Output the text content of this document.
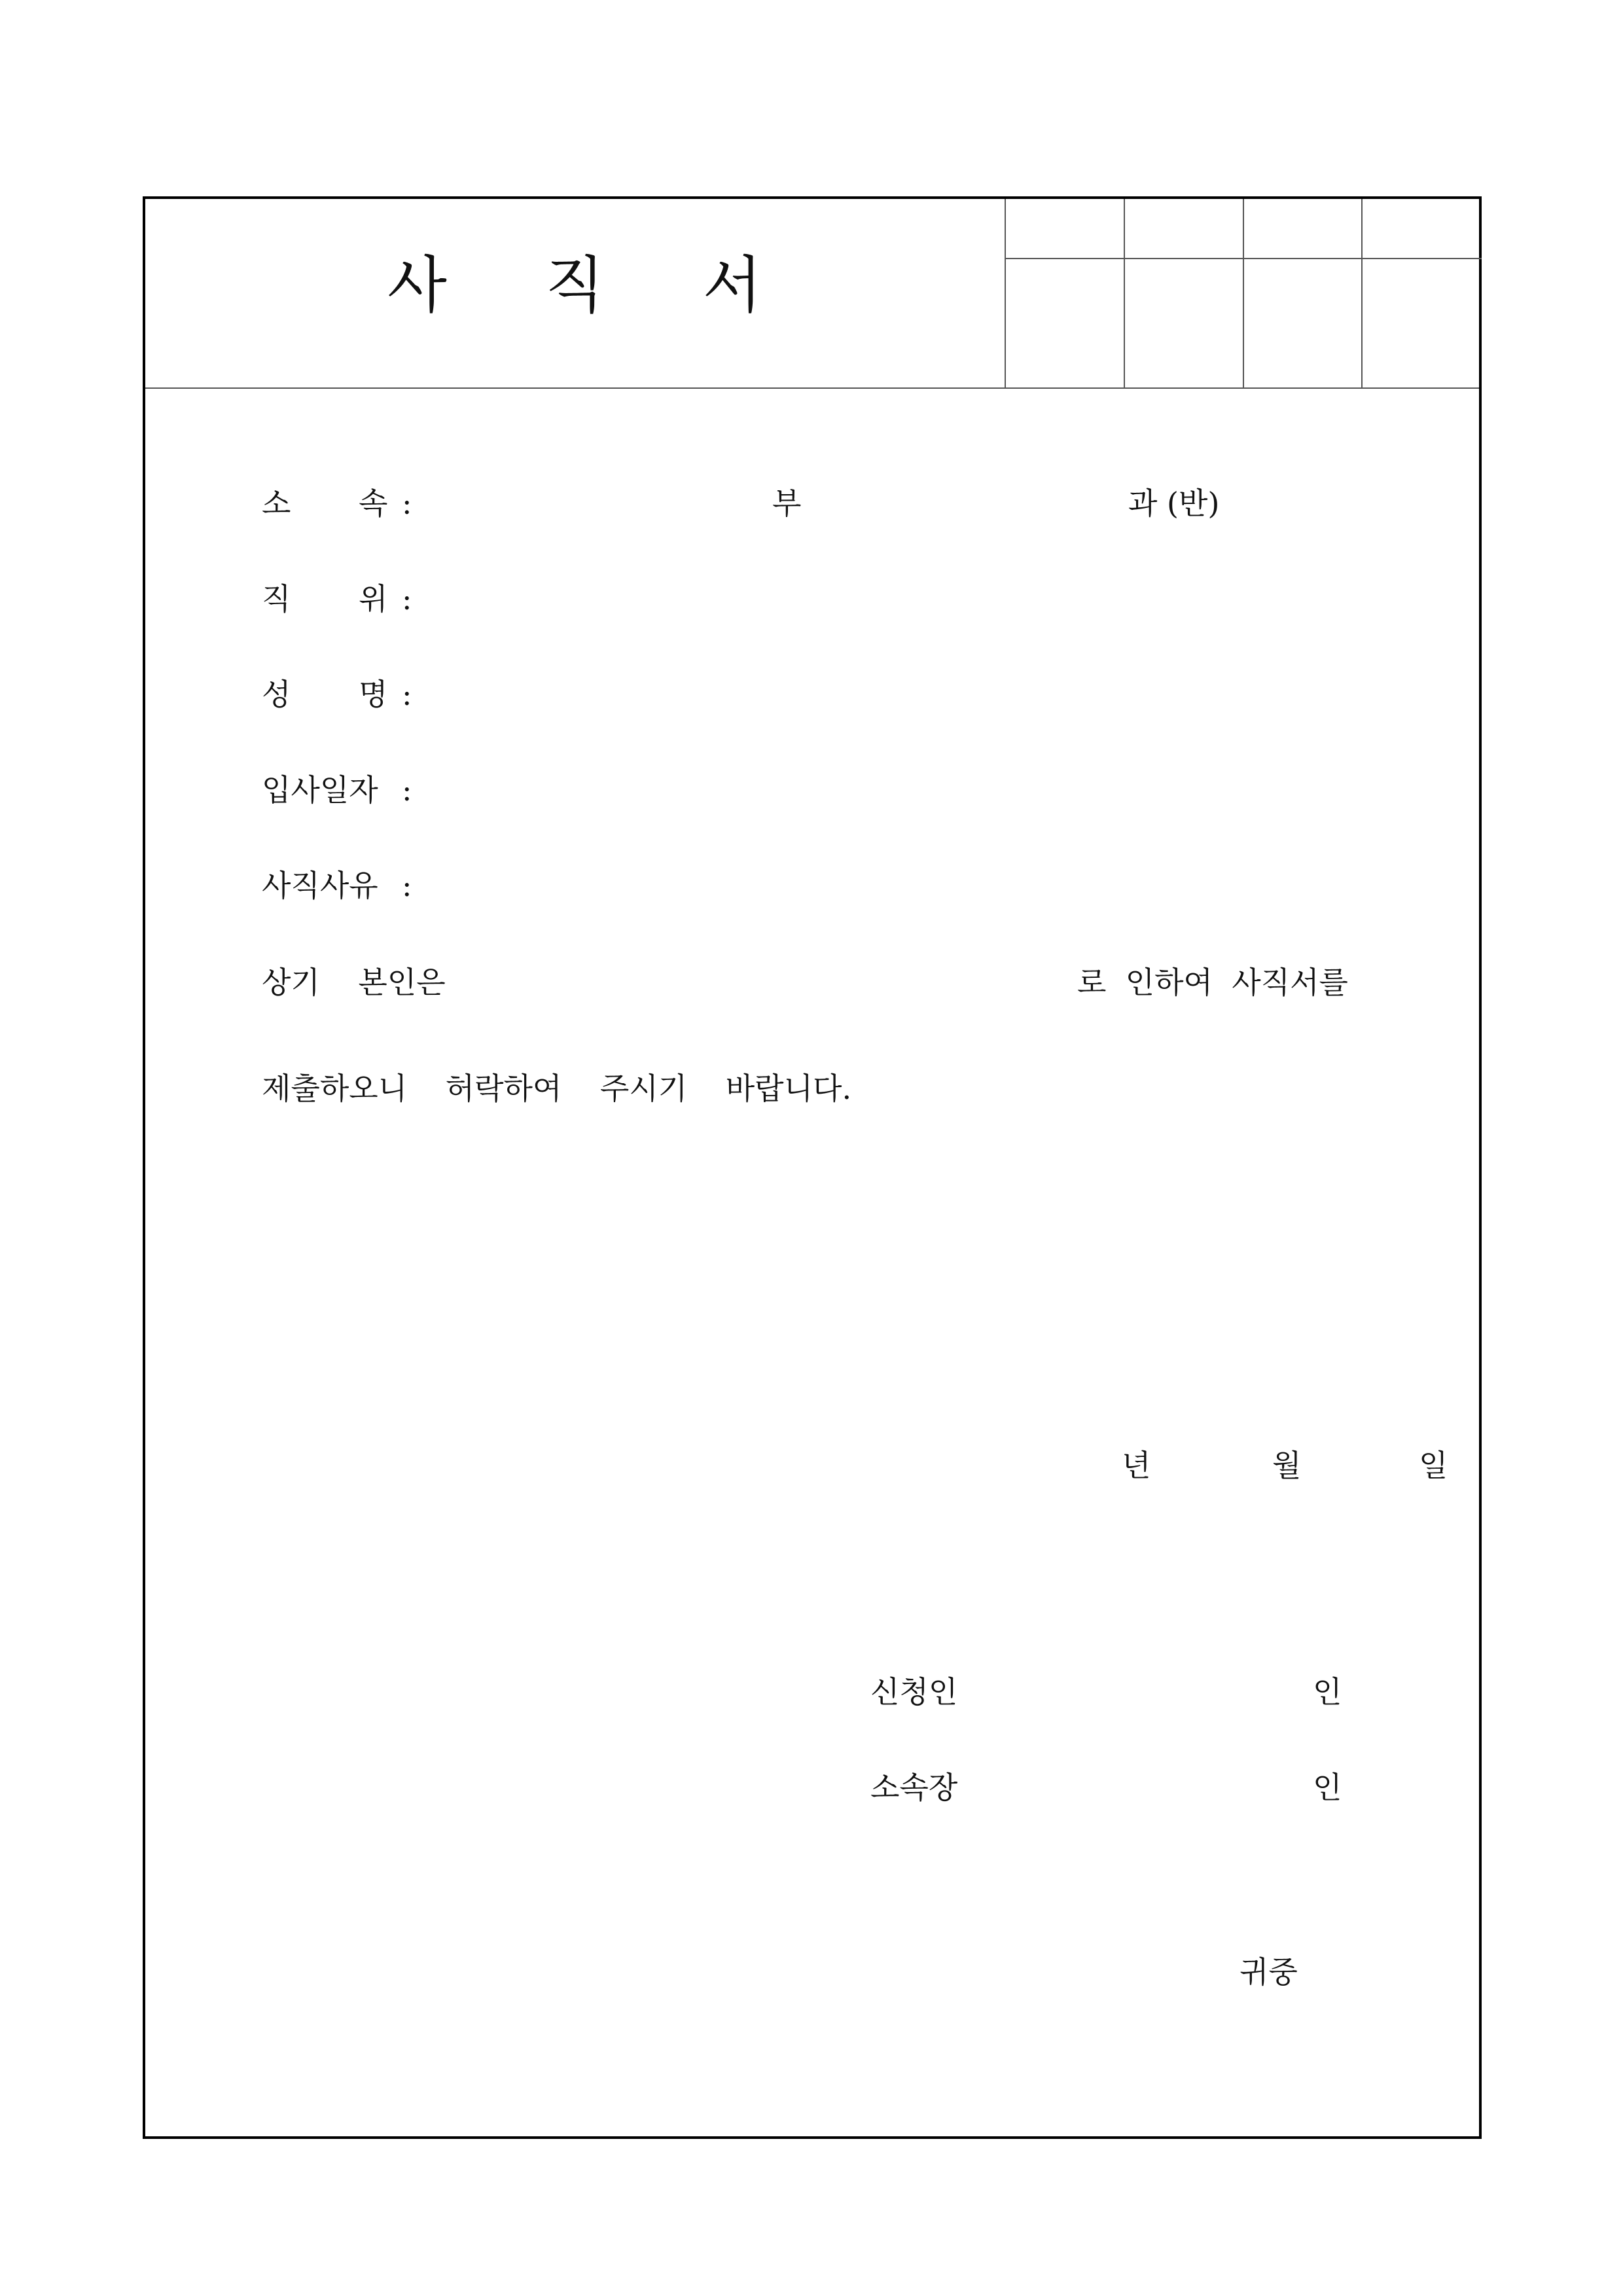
사 직 서
소 속 :	부	과 (반)
직 위 :
성 명 :
입사일자 :
사직사유 :
상기    본인은	로  인하여  사직서를
제출하오니    허락하여    주시기    바랍니다.
년	월	일
신청인	인
소속장	인
귀중
